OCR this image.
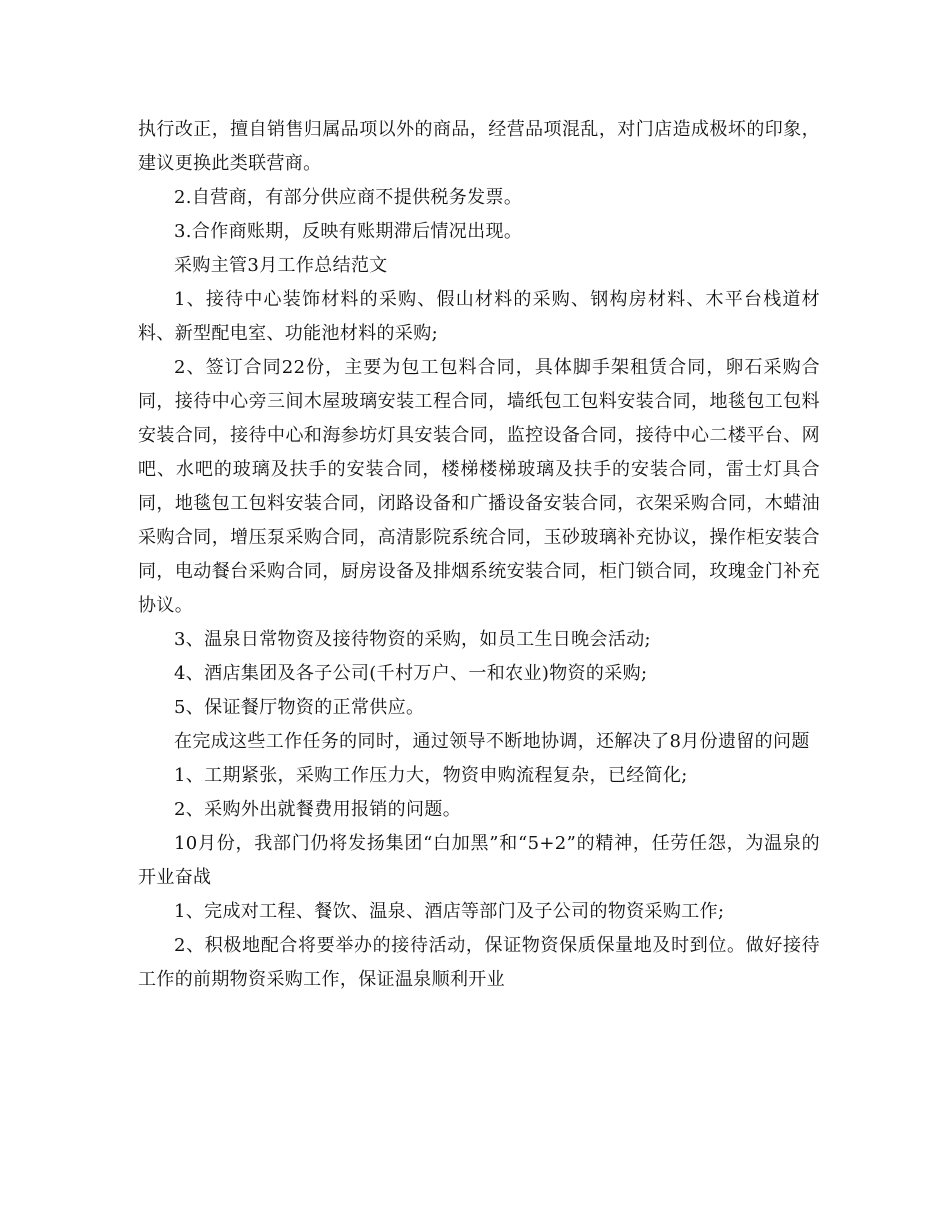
执行改正，擅自销售归属品项以外的商品，经营品项混乱，对门店造成极坏的印象，建议更换此类联营商。

2.自营商，有部分供应商不提供税务发票。

3.合作商账期，反映有账期滞后情况出现。

采购主管3月工作总结范文

1、接待中心装饰材料的采购、假山材料的采购、钢构房材料、木平台栈道材料、新型配电室、功能池材料的采购;

2、签订合同22份，主要为包工包料合同，具体脚手架租赁合同，卵石采购合同，接待中心旁三间木屋玻璃安装工程合同，墙纸包工包料安装合同，地毯包工包料安装合同，接待中心和海参坊灯具安装合同，监控设备合同，接待中心二楼平台、网吧、水吧的玻璃及扶手的安装合同，楼梯楼梯玻璃及扶手的安装合同，雷士灯具合同，地毯包工包料安装合同，闭路设备和广播设备安装合同，衣架采购合同，木蜡油采购合同，增压泵采购合同，高清影院系统合同，玉砂玻璃补充协议，操作柜安装合同，电动餐台采购合同，厨房设备及排烟系统安装合同，柜门锁合同，玫瑰金门补充协议。

3、温泉日常物资及接待物资的采购，如员工生日晚会活动;

4、酒店集团及各子公司(千村万户、一和农业)物资的采购;

5、保证餐厅物资的正常供应。

在完成这些工作任务的同时，通过领导不断地协调，还解决了8月份遗留的问题

1、工期紧张，采购工作压力大，物资申购流程复杂，已经简化;

2、采购外出就餐费用报销的问题。

10月份，我部门仍将发扬集团“白加黑”和“5+2”的精神，任劳任怨，为温泉的开业奋战

1、完成对工程、餐饮、温泉、酒店等部门及子公司的物资采购工作;

2、积极地配合将要举办的接待活动，保证物资保质保量地及时到位。做好接待工作的前期物资采购工作，保证温泉顺利开业
